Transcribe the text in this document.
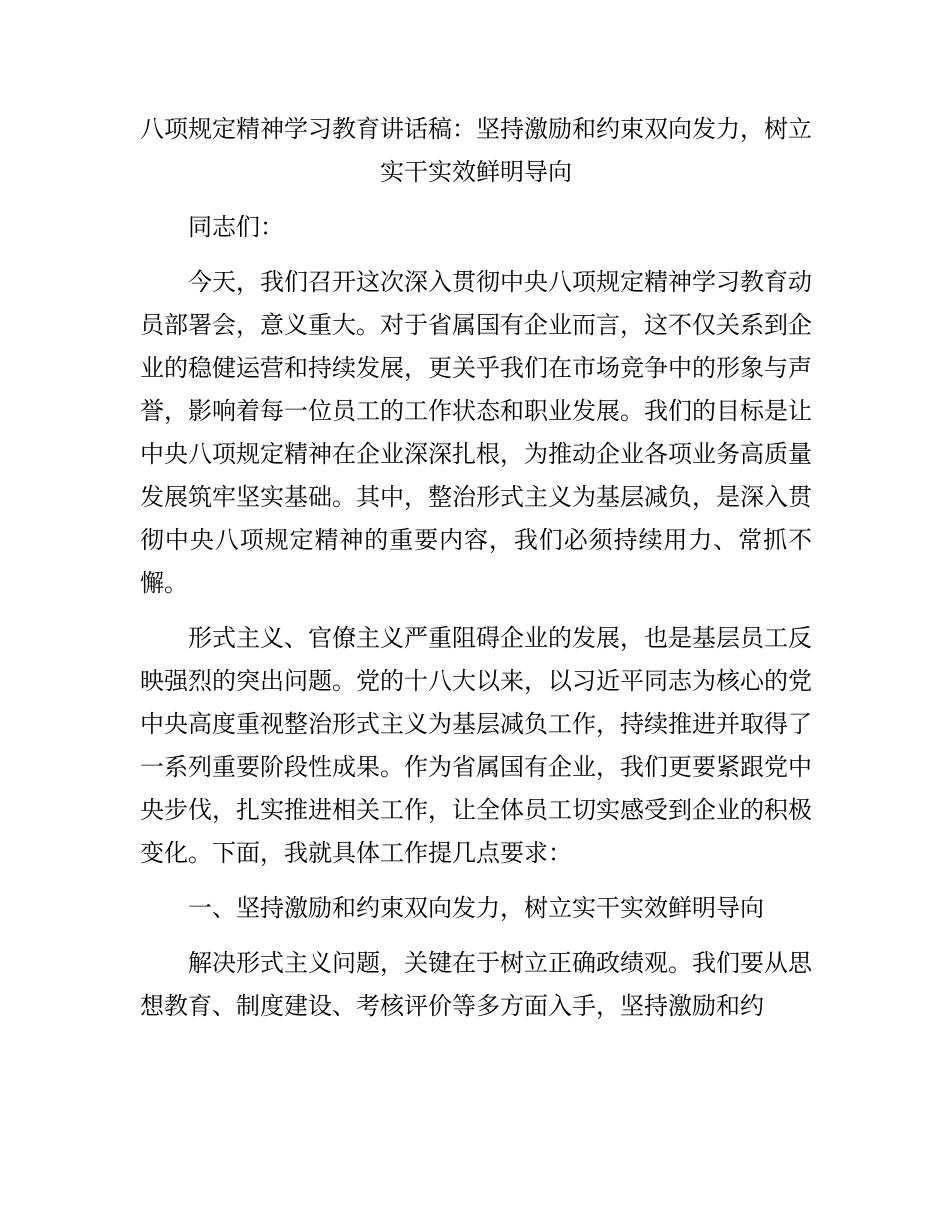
八项规定精神学习教育讲话稿：坚持激励和约束双向发力，树立实干实效鲜明导向

同志们：

今天，我们召开这次深入贯彻中央八项规定精神学习教育动员部署会，意义重大。对于省属国有企业而言，这不仅关系到企业的稳健运营和持续发展，更关乎我们在市场竞争中的形象与声誉，影响着每一位员工的工作状态和职业发展。我们的目标是让中央八项规定精神在企业深深扎根，为推动企业各项业务高质量发展筑牢坚实基础。其中，整治形式主义为基层减负，是深入贯彻中央八项规定精神的重要内容，我们必须持续用力、常抓不懈。

形式主义、官僚主义严重阻碍企业的发展，也是基层员工反映强烈的突出问题。党的十八大以来，以习近平同志为核心的党中央高度重视整治形式主义为基层减负工作，持续推进并取得了一系列重要阶段性成果。作为省属国有企业，我们更要紧跟党中央步伐，扎实推进相关工作，让全体员工切实感受到企业的积极变化。下面，我就具体工作提几点要求：

一、坚持激励和约束双向发力，树立实干实效鲜明导向

解决形式主义问题，关键在于树立正确政绩观。我们要从思想教育、制度建设、考核评价等多方面入手，坚持激励和约
